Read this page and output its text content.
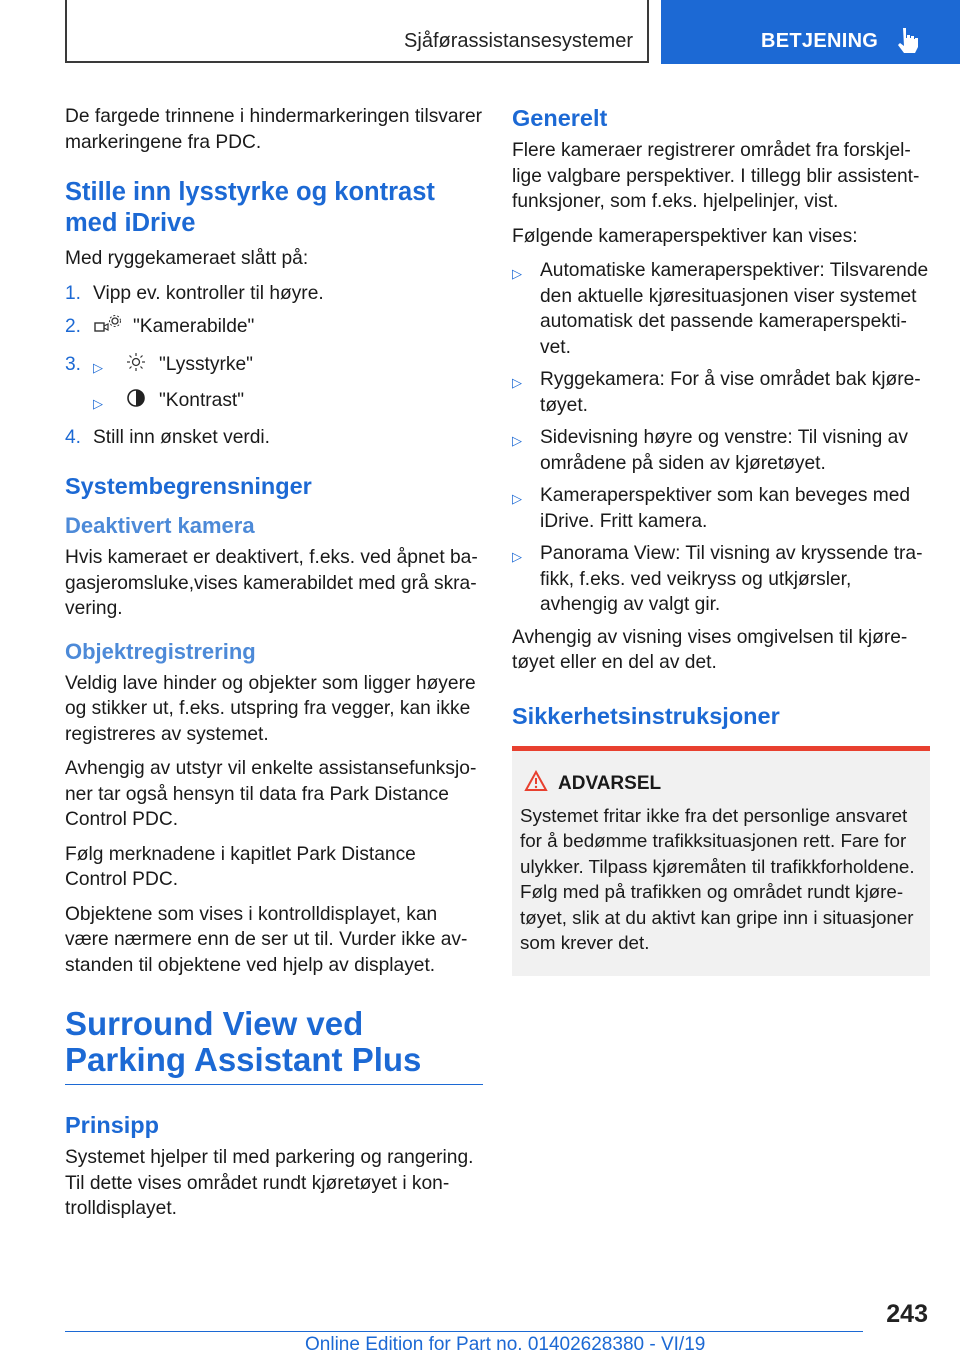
Sjåførassistansesystemer	BETJENING

De fargede trinnene i hindermarkeringen tilsvarer markeringene fra PDC.

Stille inn lysstyrke og kontrast med iDrive

Med ryggekameraet slått på:

1. Vipp ev. kontroller til høyre.
2.	"Kamerabilde"
3. ▷	"Lysstyrke"
▷	"Kontrast"
4. Still inn ønsket verdi.
Systembegrensninger
Deaktivert kamera

Hvis kameraet er deaktivert, f.eks. ved åpnet bagasjeromsluke,vises kamerabildet med grå skravering.

Objektregistrering

Veldig lave hinder og objekter som ligger høyere og stikker ut, f.eks. utspring fra vegger, kan ikke registreres av systemet.

Avhengig av utstyr vil enkelte assistansefunksjoner tar også hensyn til data fra Park Distance Control PDC.

Følg merknadene i kapitlet Park Distance Control PDC.

Objektene som vises i kontrolldisplayet, kan være nærmere enn de ser ut til. Vurder ikke avstanden til objektene ved hjelp av displayet.

Surround View ved Parking Assistant Plus
Prinsipp

Systemet hjelper til med parkering og rangering. Til dette vises området rundt kjøretøyet i kontrolldisplayet.

Generelt

Flere kameraer registrerer området fra forskjellige valgbare perspektiver. I tillegg blir assistentfunksjoner, som f.eks. hjelpelinjer, vist.

Følgende kameraperspektiver kan vises:

▷ Automatiske kameraperspektiver: Tilsvarende den aktuelle kjøresituasjonen viser systemet automatisk det passende kameraperspektivet.
▷ Ryggekamera: For å vise området bak kjøretøyet.
▷ Sidevisning høyre og venstre: Til visning av områdene på siden av kjøretøyet.
▷ Kameraperspektiver som kan beveges med iDrive. Fritt kamera.
▷ Panorama View: Til visning av kryssende trafikk, f.eks. ved veikryss og utkjørsler, avhengig av valgt gir.

Avhengig av visning vises omgivelsen til kjøretøyet eller en del av det.

Sikkerhetsinstruksjoner
ADVARSEL

Systemet fritar ikke fra det personlige ansvaret for å bedømme trafikksituasjonen rett. Fare for ulykker. Tilpass kjøremåten til trafikkforholdene. Følg med på trafikken og området rundt kjøretøyet, slik at du aktivt kan gripe inn i situasjoner som krever det.

243
Online Edition for Part no. 01402628380 - VI/19
